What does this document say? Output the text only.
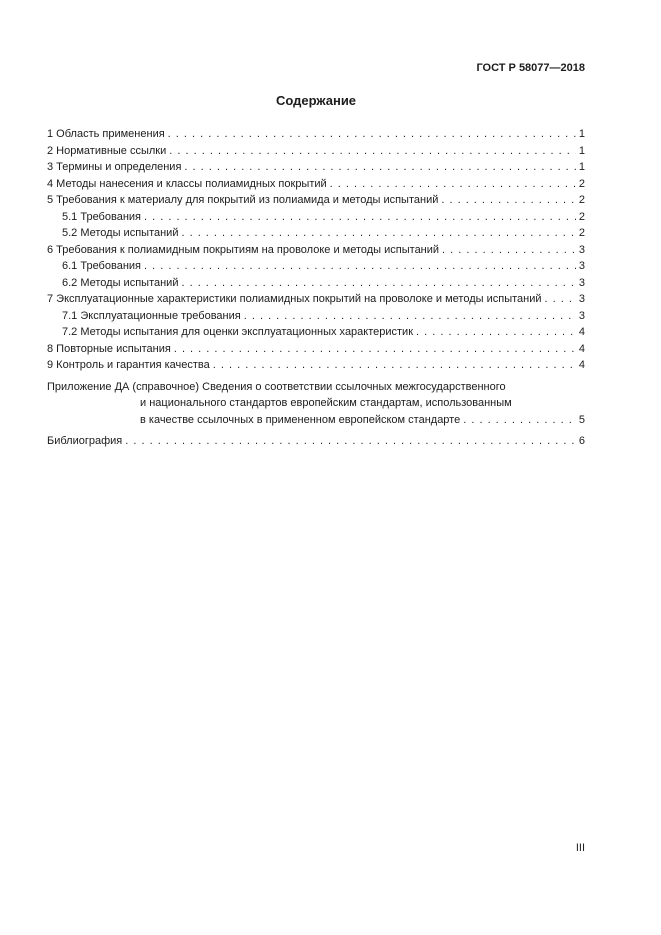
ГОСТ Р 58077—2018
Содержание
1 Область применения . . .	1
2 Нормативные ссылки . . .	1
3 Термины и определения . . .	1
4 Методы нанесения и классы полиамидных покрытий . . .	2
5 Требования к материалу для покрытий из полиамида и методы испытаний . . .	2
5.1 Требования . . .	2
5.2 Методы испытаний . . .	2
6 Требования к полиамидным покрытиям на проволоке и методы испытаний . . .	3
6.1 Требования . . .	3
6.2 Методы испытаний . . .	3
7 Эксплуатационные характеристики полиамидных покрытий на проволоке и методы испытаний . . .	3
7.1 Эксплуатационные требования . . .	3
7.2 Методы испытания для оценки эксплуатационных характеристик . . .	4
8 Повторные испытания . . .	4
9 Контроль и гарантия качества . . .	4
Приложение ДА (справочное) Сведения о соответствии ссылочных межгосударственного
и национального стандартов европейским стандартам, использованным
в качестве ссылочных в примененном европейском стандарте . . .	5
Библиография . . .	6
III
